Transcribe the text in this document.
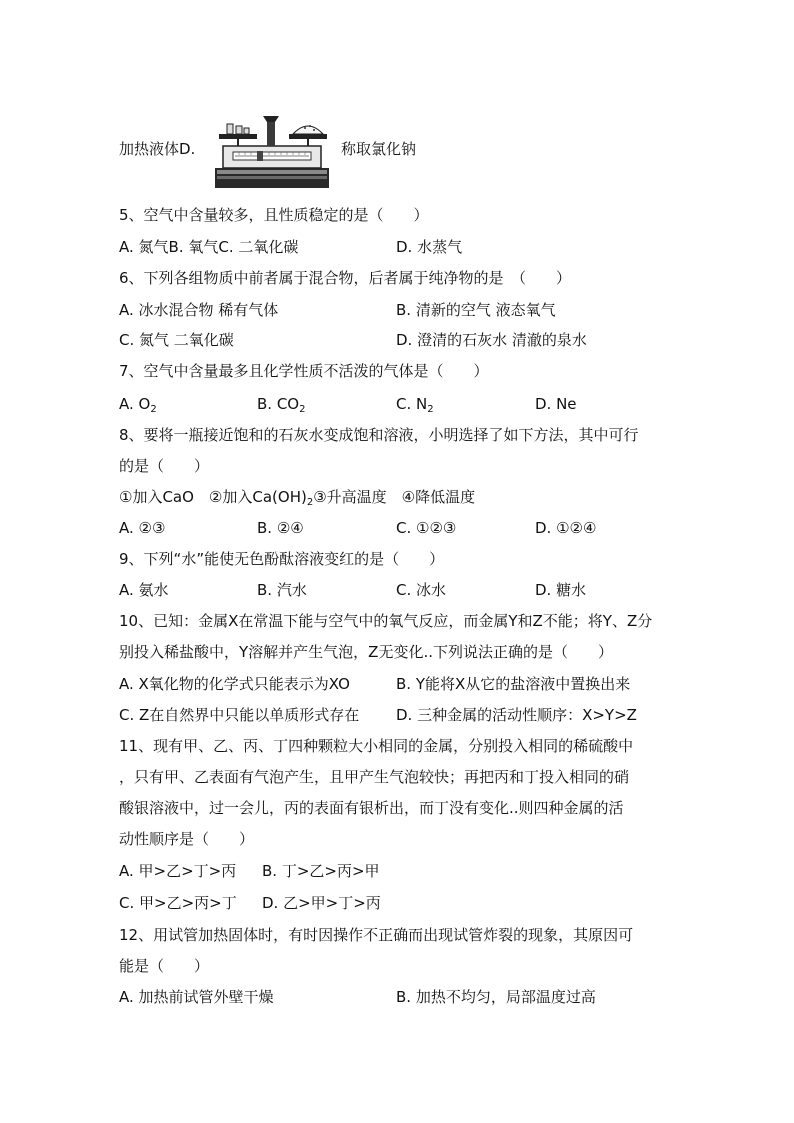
加热液体D.	称取氯化钠
5、空气中含量较多，且性质稳定的是（　　）
A. 氮气B. 氧气C. 二氧化碳	D. 水蒸气
6、下列各组物质中前者属于混合物，后者属于纯净物的是　（　　）
A. 冰水混合物 稀有气体	B. 清新的空气 液态氧气
C. 氮气 二氧化碳	D. 澄清的石灰水 清澈的泉水
7、空气中含量最多且化学性质不活泼的气体是（　　）
A. $O_2$	B. $CO_2$	C. $N_2$	D. Ne
8、要将一瓶接近饱和的石灰水变成饱和溶液，小明选择了如下方法，其中可行
的是（　　）
①加入CaO　②加入$Ca(OH)_2③$升高温度　④降低温度
A. ②③	B. ②④	C. ①②③	D. ①②④
9、下列“水”能使无色酚酞溶液变红的是（　　）
A. 氨水	B. 汽水	C. 冰水	D. 糖水
10、已知：金属X在常温下能与空气中的氧气反应，而金属Y和Z不能；将Y、Z分
别投入稀盐酸中，Y溶解并产生气泡，Z无变化..下列说法正确的是（　　）
A. X氧化物的化学式只能表示为XO	B. Y能将X从它的盐溶液中置换出来
C. Z在自然界中只能以单质形式存在 D. 三种金属的活动性顺序：X>Y>Z
11、现有甲、乙、丙、丁四种颗粒大小相同的金属，分别投入相同的稀硫酸中
，只有甲、乙表面有气泡产生，且甲产生气泡较快；再把丙和丁投入相同的硝
酸银溶液中，过一会儿，丙的表面有银析出，而丁没有变化..则四种金属的活
动性顺序是（　　）
A. 甲>乙>丁>丙 B. 丁>乙>丙>甲
C. 甲>乙>丙>丁 D. 乙>甲>丁>丙
12、用试管加热固体时，有时因操作不正确而出现试管炸裂的现象，其原因可
能是（　　）
A. 加热前试管外壁干燥	B. 加热不均匀，局部温度过高
